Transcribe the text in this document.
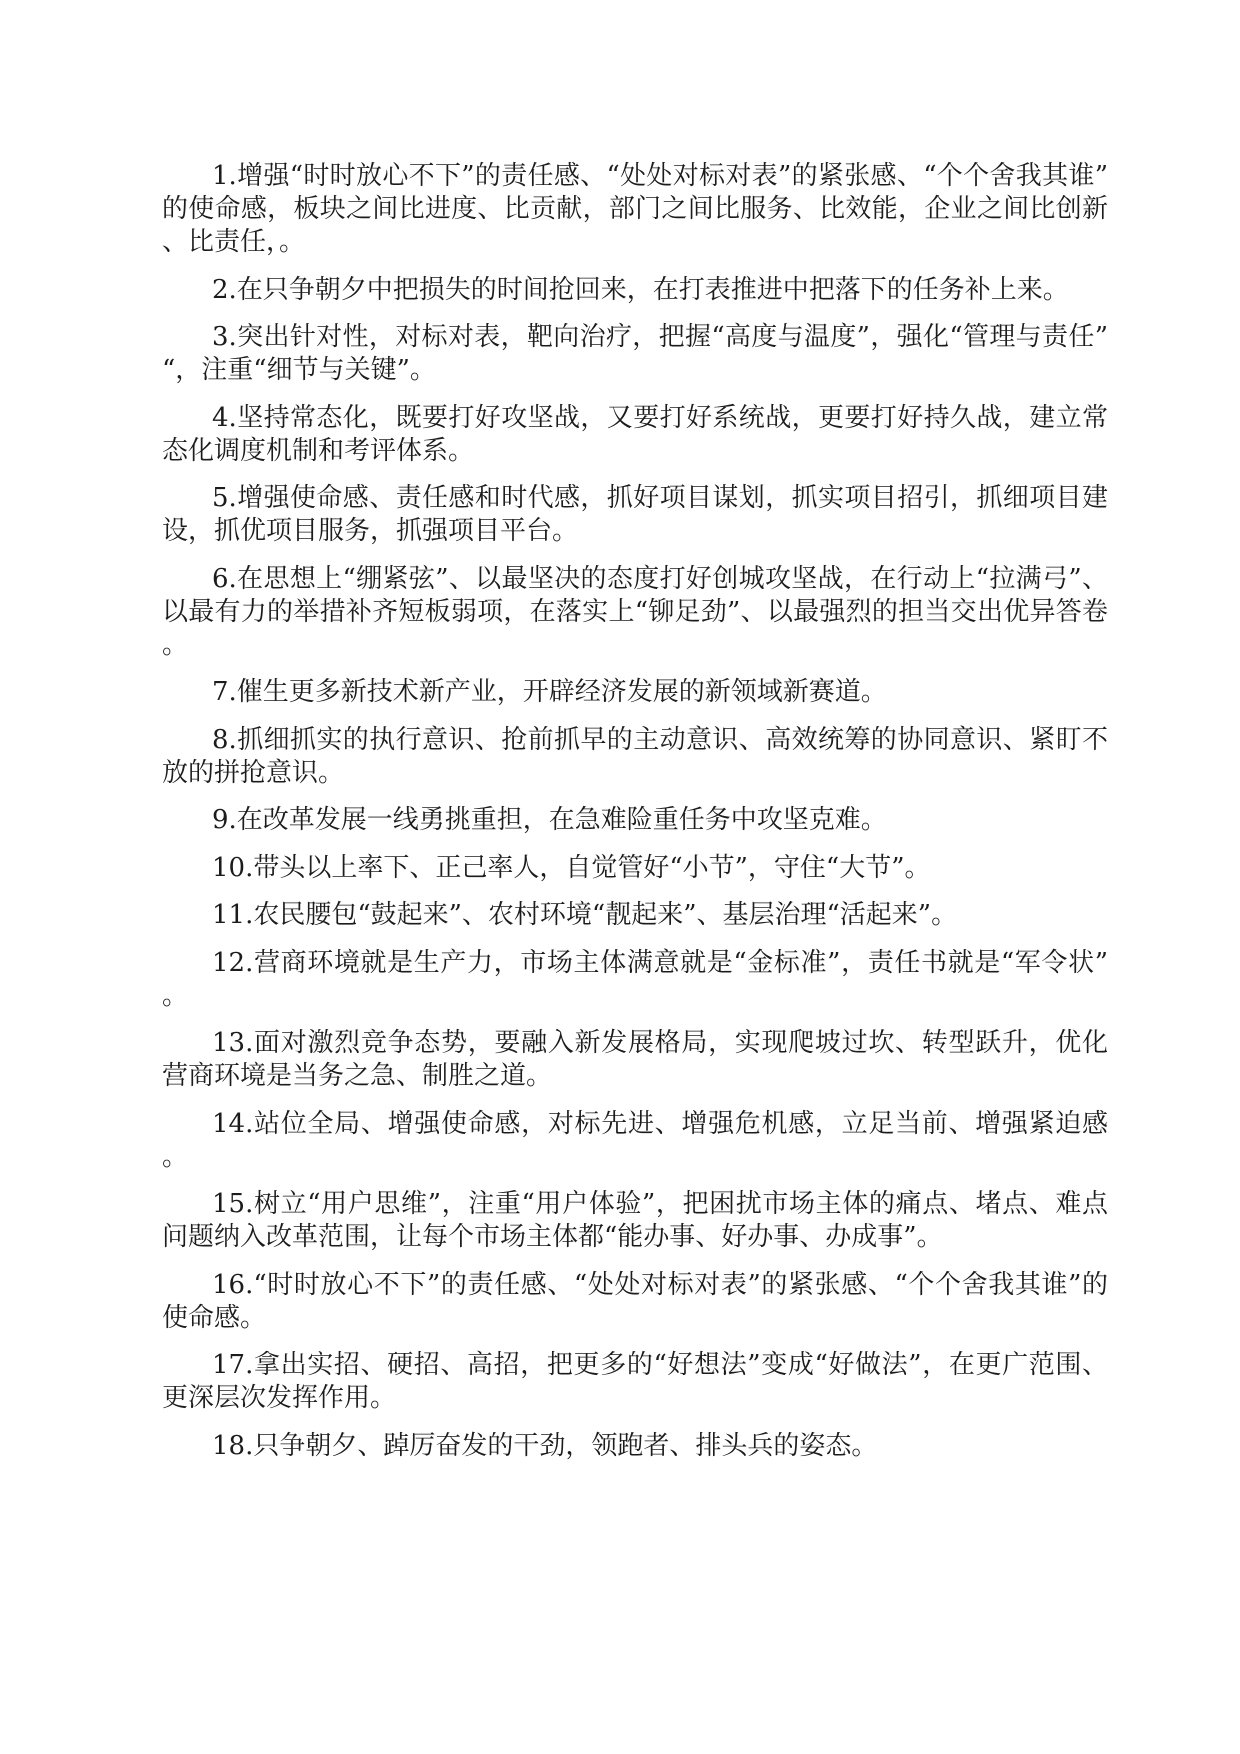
1.增强“时时放心不下”的责任感、“处处对标对表”的紧张感、“个个舍我其谁”的使命感，板块之间比进度、比贡献，部门之间比服务、比效能，企业之间比创新、比责任，。

2.在只争朝夕中把损失的时间抢回来，在打表推进中把落下的任务补上来。

3.突出针对性，对标对表，靶向治疗，把握“高度与温度”，强化“管理与责任”“，注重“细节与关键”。

4.坚持常态化，既要打好攻坚战，又要打好系统战，更要打好持久战，建立常态化调度机制和考评体系。

5.增强使命感、责任感和时代感，抓好项目谋划，抓实项目招引，抓细项目建设，抓优项目服务，抓强项目平台。

6.在思想上“绷紧弦”、以最坚决的态度打好创城攻坚战，在行动上“拉满弓”、以最有力的举措补齐短板弱项，在落实上“铆足劲”、以最强烈的担当交出优异答卷。

7.催生更多新技术新产业，开辟经济发展的新领域新赛道。

8.抓细抓实的执行意识、抢前抓早的主动意识、高效统筹的协同意识、紧盯不放的拼抢意识。

9.在改革发展一线勇挑重担，在急难险重任务中攻坚克难。

10.带头以上率下、正己率人，自觉管好“小节”，守住“大节”。

11.农民腰包“鼓起来”、农村环境“靓起来”、基层治理“活起来”。

12.营商环境就是生产力，市场主体满意就是“金标准”，责任书就是“军令状”。

13.面对激烈竞争态势，要融入新发展格局，实现爬坡过坎、转型跃升，优化营商环境是当务之急、制胜之道。

14.站位全局、增强使命感，对标先进、增强危机感，立足当前、增强紧迫感。

15.树立“用户思维”，注重“用户体验”，把困扰市场主体的痛点、堵点、难点问题纳入改革范围，让每个市场主体都“能办事、好办事、办成事”。

16.“时时放心不下”的责任感、“处处对标对表”的紧张感、“个个舍我其谁”的使命感。

17.拿出实招、硬招、高招，把更多的“好想法”变成“好做法”，在更广范围、更深层次发挥作用。

18.只争朝夕、踔厉奋发的干劲，领跑者、排头兵的姿态。
